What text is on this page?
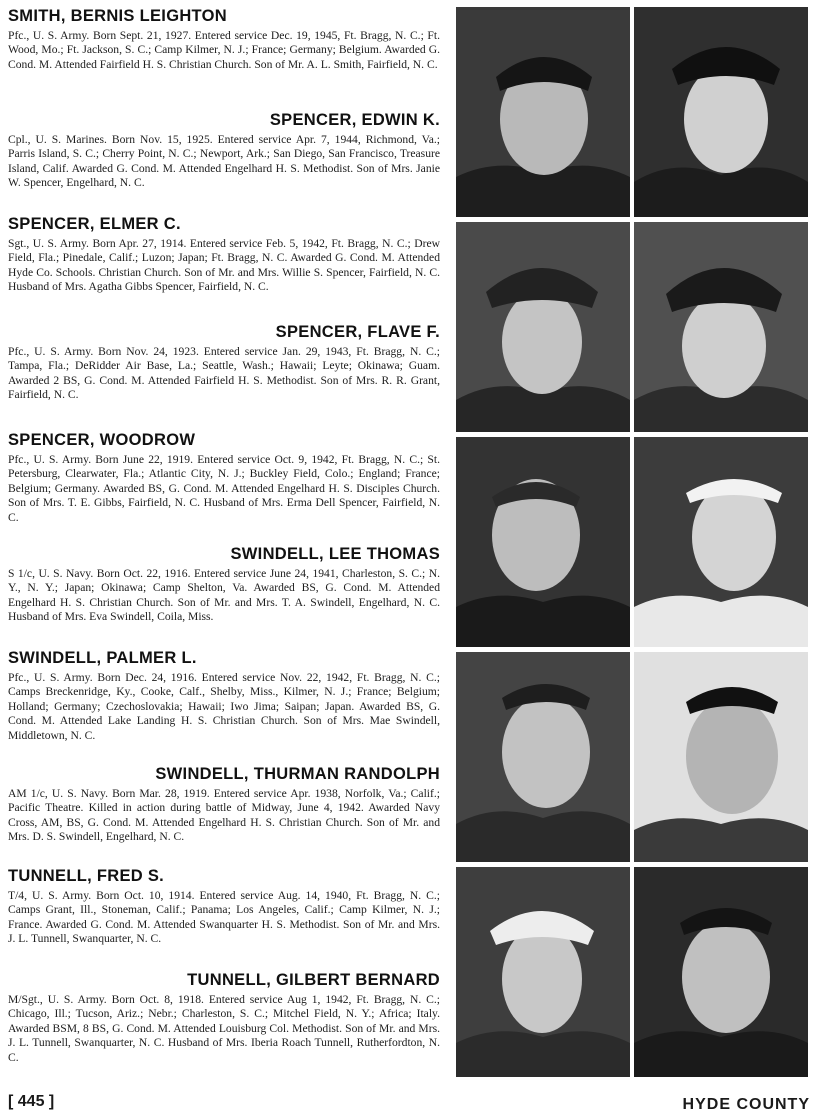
SMITH, BERNIS LEIGHTON
Pfc., U. S. Army. Born Sept. 21, 1927. Entered service Dec. 19, 1945, Ft. Bragg, N. C.; Ft. Wood, Mo.; Ft. Jackson, S. C.; Camp Kilmer, N. J.; France; Germany; Belgium. Awarded G. Cond. M. Attended Fairfield H. S. Christian Church. Son of Mr. A. L. Smith, Fairfield, N. C.
SPENCER, EDWIN K.
Cpl., U. S. Marines. Born Nov. 15, 1925. Entered service Apr. 7, 1944, Richmond, Va.; Parris Island, S. C.; Cherry Point, N. C.; Newport, Ark.; San Diego, San Francisco, Treasure Island, Calif. Awarded G. Cond. M. Attended Engelhard H. S. Methodist. Son of Mrs. Janie W. Spencer, Engelhard, N. C.
SPENCER, ELMER C.
Sgt., U. S. Army. Born Apr. 27, 1914. Entered service Feb. 5, 1942, Ft. Bragg, N. C.; Drew Field, Fla.; Pinedale, Calif.; Luzon; Japan; Ft. Bragg, N. C. Awarded G. Cond. M. Attended Hyde Co. Schools. Christian Church. Son of Mr. and Mrs. Willie S. Spencer, Fairfield, N. C. Husband of Mrs. Agatha Gibbs Spencer, Fairfield, N. C.
SPENCER, FLAVE F.
Pfc., U. S. Army. Born Nov. 24, 1923. Entered service Jan. 29, 1943, Ft. Bragg, N. C.; Tampa, Fla.; DeRidder Air Base, La.; Seattle, Wash.; Hawaii; Leyte; Okinawa; Guam. Awarded 2 BS, G. Cond. M. Attended Fairfield H. S. Methodist. Son of Mrs. R. R. Grant, Fairfield, N. C.
SPENCER, WOODROW
Pfc., U. S. Army. Born June 22, 1919. Entered service Oct. 9, 1942, Ft. Bragg, N. C.; St. Petersburg, Clearwater, Fla.; Atlantic City, N. J.; Buckley Field, Colo.; England; France; Belgium; Germany. Awarded BS, G. Cond. M. Attended Engelhard H. S. Disciples Church. Son of Mrs. T. E. Gibbs, Fairfield, N. C. Husband of Mrs. Erma Dell Spencer, Fairfield, N. C.
SWINDELL, LEE THOMAS
S 1/c, U. S. Navy. Born Oct. 22, 1916. Entered service June 24, 1941, Charleston, S. C.; N. Y., N. Y.; Japan; Okinawa; Camp Shelton, Va. Awarded BS, G. Cond. M. Attended Engelhard H. S. Christian Church. Son of Mr. and Mrs. T. A. Swindell, Engelhard, N. C. Husband of Mrs. Eva Swindell, Coila, Miss.
SWINDELL, PALMER L.
Pfc., U. S. Army. Born Dec. 24, 1916. Entered service Nov. 22, 1942, Ft. Bragg, N. C.; Camps Breckenridge, Ky., Cooke, Calf., Shelby, Miss., Kilmer, N. J.; France; Belgium; Holland; Germany; Czechoslovakia; Hawaii; Iwo Jima; Saipan; Japan. Awarded BS, G. Cond. M. Attended Lake Landing H. S. Christian Church. Son of Mrs. Mae Swindell, Middletown, N. C.
SWINDELL, THURMAN RANDOLPH
AM 1/c, U. S. Navy. Born Mar. 28, 1919. Entered service Apr. 1938, Norfolk, Va.; Calif.; Pacific Theatre. Killed in action during battle of Midway, June 4, 1942. Awarded Navy Cross, AM, BS, G. Cond. M. Attended Engelhard H. S. Christian Church. Son of Mr. and Mrs. D. S. Swindell, Engelhard, N. C.
TUNNELL, FRED S.
T/4, U. S. Army. Born Oct. 10, 1914. Entered service Aug. 14, 1940, Ft. Bragg, N. C.; Camps Grant, Ill., Stoneman, Calif.; Panama; Los Angeles, Calif.; Camp Kilmer, N. J.; France. Awarded G. Cond. M. Attended Swanquarter H. S. Methodist. Son of Mr. and Mrs. J. L. Tunnell, Swanquarter, N. C.
TUNNELL, GILBERT BERNARD
M/Sgt., U. S. Army. Born Oct. 8, 1918. Entered service Aug 1, 1942, Ft. Bragg, N. C.; Chicago, Ill.; Tucson, Ariz.; Nebr.; Charleston, S. C.; Mitchel Field, N. Y.; Africa; Italy. Awarded BSM, 8 BS, G. Cond. M. Attended Louisburg Col. Methodist. Son of Mr. and Mrs. J. L. Tunnell, Swanquarter, N. C. Husband of Mrs. Iberia Roach Tunnell, Rutherfordton, N. C.
[ 445 ]	HYDE COUNTY
